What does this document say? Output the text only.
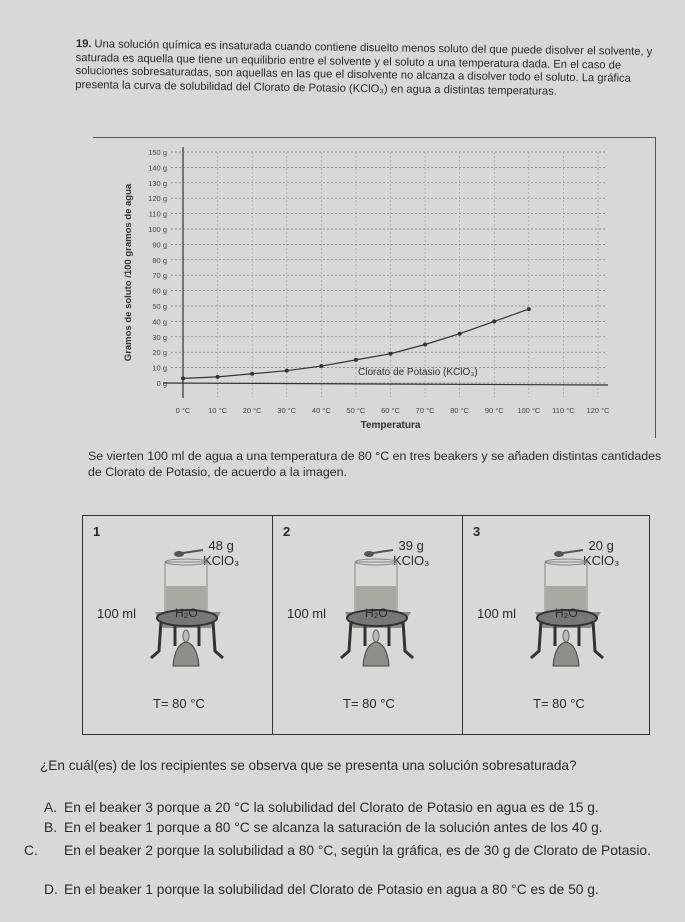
19. Una solución química es insaturada cuando contiene disuelto menos soluto del que puede disolver el solvente, y saturada es aquella que tiene un equilibrio entre el solvente y el soluto a una temperatura dada. En el caso de soluciones sobresaturadas, son aquellas en las que el disolvente no alcanza a disolver todo el soluto. La gráfica presenta la curva de solubilidad del Clorato de Potasio (KClO₃) en agua a distintas temperaturas.
0 g
10 g
20 g
30 g
40 g
50 g
60 g
70 g
80 g
90 g
100 g
110 g
120 g
130 g
140 g
150 g
0 °C 10 °C 20 °C 30 °C 40 °C 50 °C 60 °C 70 °C 80 °C 90 °C 100 °C 110 °C 120 °C
Clorato de Potasio (KClO₃)
Temperatura
Gramos de soluto /100 gramos de agua
Se vierten 100 ml de agua a una temperatura de 80 °C en tres beakers y se añaden distintas cantidades de Clorato de Potasio, de acuerdo a la imagen.
1
48 g
KClO₃
100 ml	H₂O
T= 80 °C
2
39 g
KClO₃
100 ml	H₂O
T= 80 °C
3
20 g
KClO₃
100 ml	H₂O
T= 80 °C
¿En cuál(es) de los recipientes se observa que se presenta una solución sobresaturada?
A. En el beaker 3 porque a 20 °C la solubilidad del Clorato de Potasio en agua es de 15 g.
B. En el beaker 1 porque a 80 °C se alcanza la saturación de la solución antes de los 40 g.
C. En el beaker 2 porque la solubilidad a 80 °C, según la gráfica, es de 30 g de Clorato de Potasio.
D. En el beaker 1 porque la solubilidad del Clorato de Potasio en agua a 80 °C es de 50 g.
